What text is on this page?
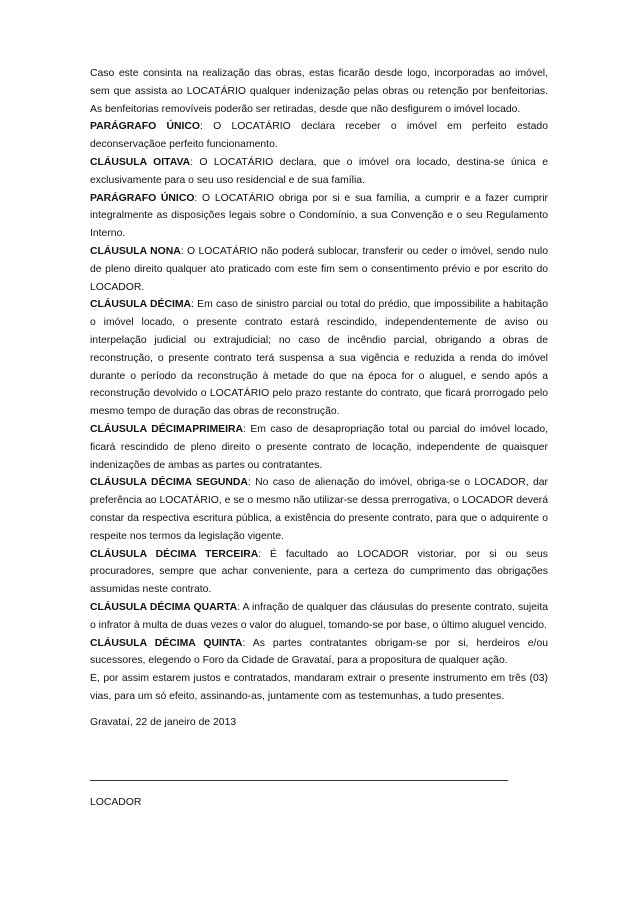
Caso este consinta na realização das obras, estas ficarão desde logo, incorporadas ao imóvel, sem que assista ao LOCATÁRIO qualquer indenização pelas obras ou retenção por benfeitorias. As benfeitorias removíveis poderão ser retiradas, desde que não desfigurem o imóvel locado.

PARÁGRAFO ÚNICO: O LOCATÁRIO declara receber o imóvel em perfeito estado deconservaçãoe perfeito funcionamento.

CLÁUSULA OITAVA: O LOCATÁRIO declara, que o imóvel ora locado, destina-se única e exclusivamente para o seu uso residencial e de sua família.

PARÁGRAFO ÚNICO: O LOCATÁRIO obriga por si e sua família, a cumprir e a fazer cumprir integralmente as disposições legais sobre o Condomínio, a sua Convenção e o seu Regulamento Interno.

CLÁUSULA NONA: O LOCATÁRIO não poderá sublocar, transferir ou ceder o imóvel, sendo nulo de pleno direito qualquer ato praticado com este fim sem o consentimento prévio e por escrito do LOCADOR.

CLÁUSULA DÉCIMA: Em caso de sinistro parcial ou total do prédio, que impossibilite a habitação o imóvel locado, o presente contrato estará rescindido, independentemente de aviso ou interpelação judicial ou extrajudicial; no caso de incêndio parcial, obrigando a obras de reconstrução, o presente contrato terá suspensa a sua vigência e reduzida a renda do imóvel durante o período da reconstrução à metade do que na época for o aluguel, e sendo após a reconstrução devolvido o LOCATÁRIO pelo prazo restante do contrato, que ficará prorrogado pelo mesmo tempo de duração das obras de reconstrução.

CLÁUSULA DÉCIMAPRIMEIRA: Em caso de desapropriação total ou parcial do imóvel locado, ficará rescindido de pleno direito o presente contrato de locação, independente de quaisquer indenizações de ambas as partes ou contratantes.

CLÁUSULA DÉCIMA SEGUNDA: No caso de alienação do imóvel, obriga-se o LOCADOR, dar preferência ao LOCATÁRIO, e se o mesmo não utilizar-se dessa prerrogativa, o LOCADOR deverá constar da respectiva escritura pública, a existência do presente contrato, para que o adquirente o respeite nos termos da legislação vigente.

CLÁUSULA DÉCIMA TERCEIRA: É facultado ao LOCADOR vistoriar, por si ou seus procuradores, sempre que achar conveniente, para a certeza do cumprimento das obrigações assumidas neste contrato.

CLÁUSULA DÉCIMA QUARTA: A infração de qualquer das cláusulas do presente contrato, sujeita o infrator à multa de duas vezes o valor do aluguel, tomando-se por base, o último aluguel vencido.

CLÁUSULA DÉCIMA QUINTA: As partes contratantes obrigam-se por si, herdeiros e/ou sucessores, elegendo o Foro da Cidade de Gravataí, para a propositura de qualquer ação.

E, por assim estarem justos e contratados, mandaram extrair o presente instrumento em três (03) vias, para um só efeito, assinando-as, juntamente com as testemunhas, a tudo presentes.

Gravataí, 22 de janeiro de 2013
LOCADOR
